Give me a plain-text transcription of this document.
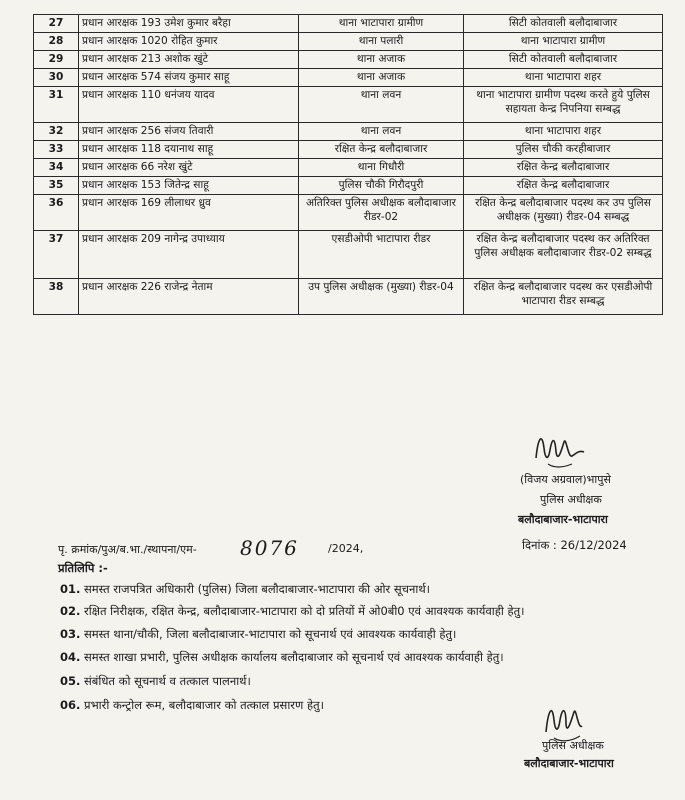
27	प्रधान आरक्षक 193 उमेश कुमार बरैहा	थाना भाटापारा ग्रामीण	सिटी कोतवाली बलौदाबाजार
28	प्रधान आरक्षक 1020 रोहित कुमार	थाना पलारी	थाना भाटापारा ग्रामीण
29	प्रधान आरक्षक 213 अशोक खुंटे	थाना अजाक	सिटी कोतवाली बलौदाबाजार
30	प्रधान आरक्षक 574 संजय कुमार साहू	थाना अजाक	थाना भाटापारा शहर
31	प्रधान आरक्षक 110 धनंजय यादव	थाना लवन	थाना भाटापारा ग्रामीण पदस्थ करते हुये पुलिस सहायता केन्द्र निपनिया सम्बद्ध
32	प्रधान आरक्षक 256 संजय तिवारी	थाना लवन	थाना भाटापारा शहर
33	प्रधान आरक्षक 118 दयानाथ साहू	रक्षित केन्द्र बलौदाबाजार	पुलिस चौकी करहीबाजार
34	प्रधान आरक्षक 66 नरेश खुंटे	थाना गिधौरी	रक्षित केन्द्र बलौदाबाजार
35	प्रधान आरक्षक 153 जितेन्द्र साहू	पुलिस चौकी गिरौदपुरी	रक्षित केन्द्र बलौदाबाजार
36	प्रधान आरक्षक 169 लीलाधर ध्रुव	अतिरिक्त पुलिस अधीक्षक बलौदाबाजार रीडर-02	रक्षित केन्द्र बलौदाबाजार पदस्थ कर उप पुलिस अधीक्षक (मुख्या) रीडर-04 सम्बद्ध
37	प्रधान आरक्षक 209 नागेन्द्र उपाध्याय	एसडीओपी भाटापारा रीडर	रक्षित केन्द्र बलौदाबाजार पदस्थ कर अतिरिक्त पुलिस अधीक्षक बलौदाबाजार रीडर-02 सम्बद्ध
38	प्रधान आरक्षक 226 राजेन्द्र नेताम	उप पुलिस अधीक्षक (मुख्या) रीडर-04	रक्षित केन्द्र बलौदाबाजार पदस्थ कर एसडीओपी भाटापारा रीडर सम्बद्ध
(विजय अग्रवाल)भापुसे
पुलिस अधीक्षक
बलौदाबाजार-भाटापारा
पृ. क्रमांक/पुअ/ब.भा./स्थापना/एम- 8076	/2024,	दिनांक : 26/12/2024
प्रतिलिपि :-
01. समस्त राजपत्रित अधिकारी (पुलिस) जिला बलौदाबाजार-भाटापारा की ओर सूचनार्थ।
02. रक्षित निरीक्षक, रक्षित केन्द्र, बलौदाबाजार-भाटापारा को दो प्रतियों में ओ0बी0 एवं आवश्यक कार्यवाही हेतु।
03. समस्त थाना/चौकी, जिला बलौदाबाजार-भाटापारा को सूचनार्थ एवं आवश्यक कार्यवाही हेतु।
04. समस्त शाखा प्रभारी, पुलिस अधीक्षक कार्यालय बलौदाबाजार को सूचनार्थ एवं आवश्यक कार्यवाही हेतु।
05. संबंधित को सूचनार्थ व तत्काल पालनार्थ।
06. प्रभारी कन्ट्रोल रूम, बलौदाबाजार को तत्काल प्रसारण हेतु।
पुलिस अधीक्षक
बलौदाबाजार-भाटापारा
